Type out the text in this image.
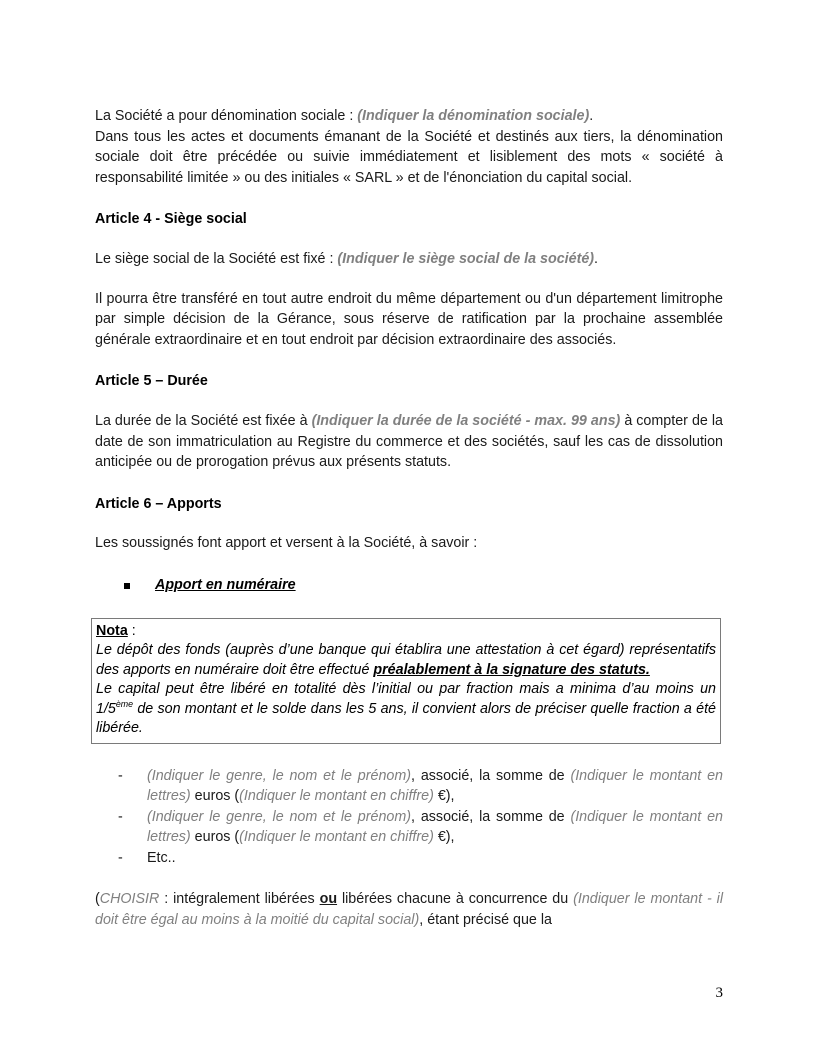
La Société a pour dénomination sociale : (Indiquer la dénomination sociale).
Dans tous les actes et documents émanant de la Société et destinés aux tiers, la dénomination sociale doit être précédée ou suivie immédiatement et lisiblement des mots « société à responsabilité limitée » ou des initiales « SARL » et de l'énonciation du capital social.
Article 4 - Siège social
Le siège social de la Société est fixé : (Indiquer le siège social de la société).
Il pourra être transféré en tout autre endroit du même département ou d'un département limitrophe par simple décision de la Gérance, sous réserve de ratification par la prochaine assemblée générale extraordinaire et en tout endroit par décision extraordinaire des associés.
Article 5 – Durée
La durée de la Société est fixée à (Indiquer la durée de la société - max. 99 ans) à compter de la date de son immatriculation au Registre du commerce et des sociétés, sauf les cas de dissolution anticipée ou de prorogation prévus aux présents statuts.
Article 6 – Apports
Les soussignés font apport et versent à la Société, à savoir :
Apport en numéraire
Nota :
Le dépôt des fonds (auprès d’une banque qui établira une attestation à cet égard) représentatifs des apports en numéraire doit être effectué préalablement à la signature des statuts.
Le capital peut être libéré en totalité dès l’initial ou par fraction mais a minima d’au moins un 1/5ème de son montant et le solde dans les 5 ans, il convient alors de préciser quelle fraction a été libérée.
-	(Indiquer le genre, le nom et le prénom), associé, la somme de (Indiquer le montant en lettres) euros ((Indiquer le montant en chiffre) €),
-	(Indiquer le genre, le nom et le prénom), associé, la somme de (Indiquer le montant en lettres) euros ((Indiquer le montant en chiffre) €),
-	Etc..
(CHOISIR : intégralement libérées ou libérées chacune à concurrence du (Indiquer le montant - il doit être égal au moins à la moitié du capital social), étant précisé que la
3
